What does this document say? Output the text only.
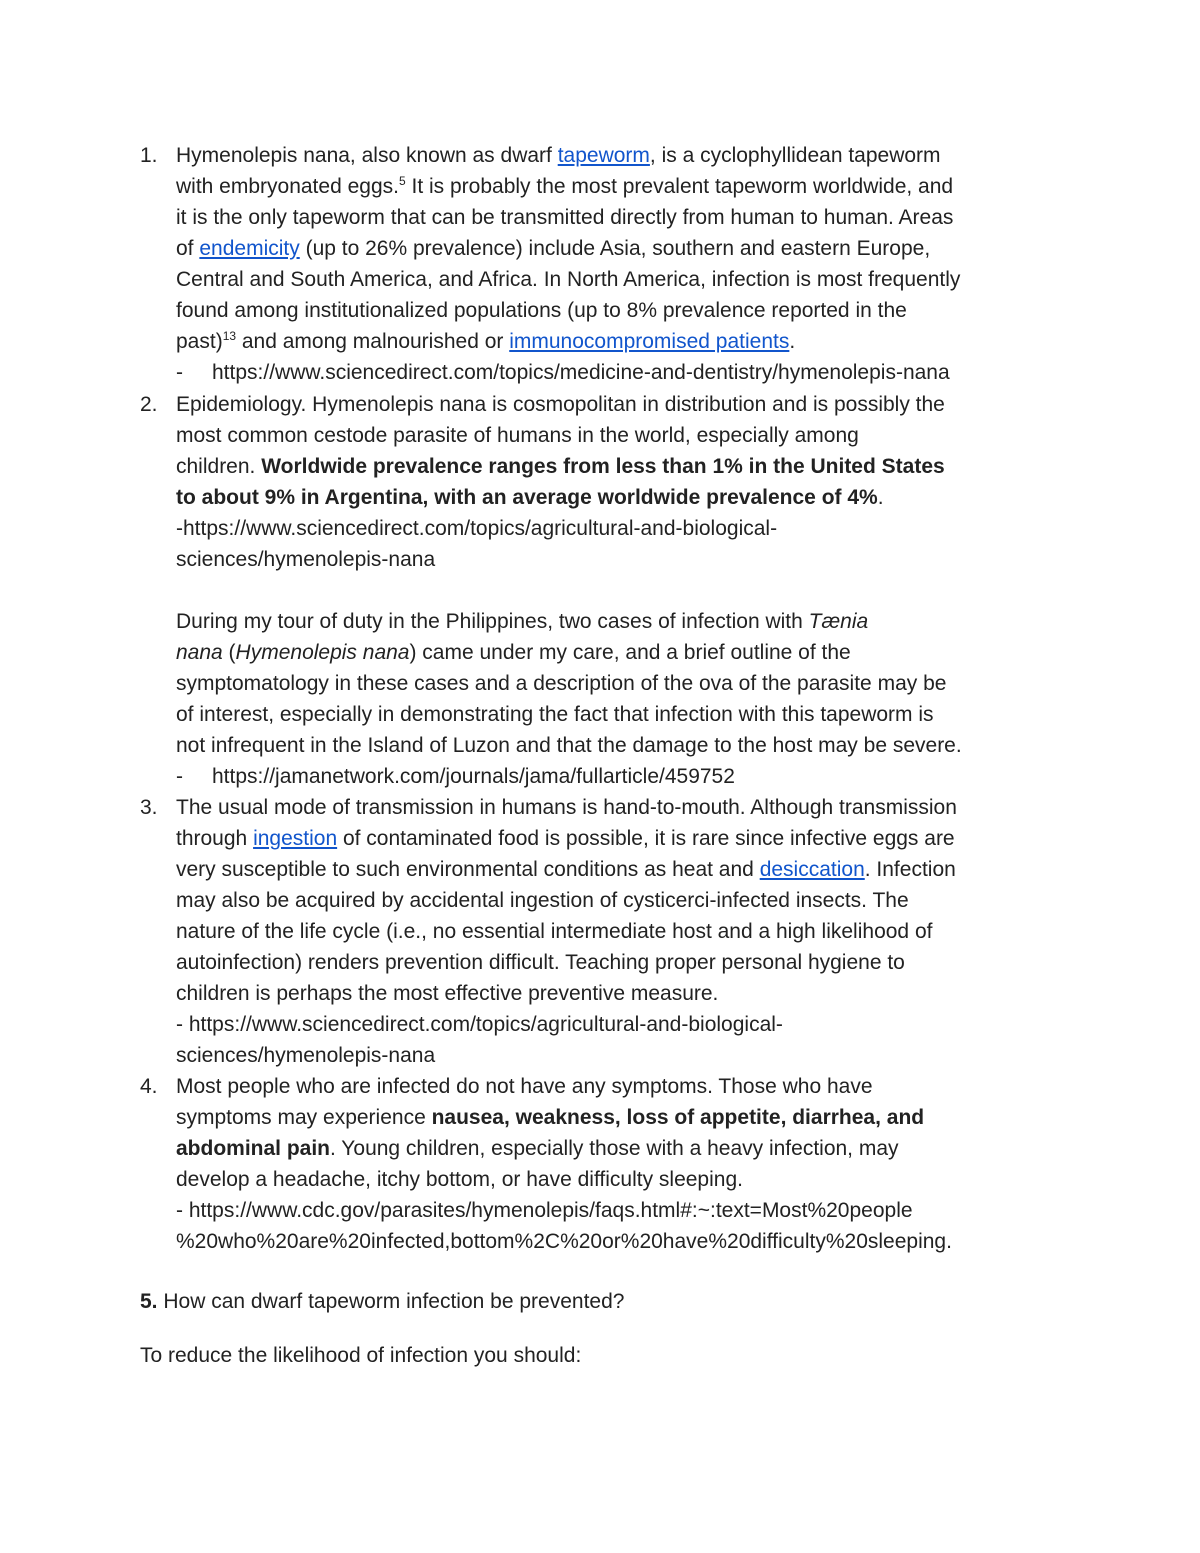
1. Hymenolepis nana, also known as dwarf tapeworm, is a cyclophyllidean tapeworm
with embryonated eggs.$^5$ It is probably the most prevalent tapeworm worldwide, and
it is the only tapeworm that can be transmitted directly from human to human. Areas
of endemicity (up to 26% prevalence) include Asia, southern and eastern Europe,
Central and South America, and Africa. In North America, infection is most frequently
found among institutionalized populations (up to 8% prevalence reported in the
past)$^{13}$ and among malnourished or immunocompromised patients.
- https://www.sciencedirect.com/topics/medicine-and-dentistry/hymenolepis-nana
2. Epidemiology. Hymenolepis nana is cosmopolitan in distribution and is possibly the
most common cestode parasite of humans in the world, especially among
children. Worldwide prevalence ranges from less than 1% in the United States
to about 9% in Argentina, with an average worldwide prevalence of 4%.
-https://www.sciencedirect.com/topics/agricultural-and-biological-
sciences/hymenolepis-nana
During my tour of duty in the Philippines, two cases of infection with Tænia
nana (Hymenolepis nana) came under my care, and a brief outline of the
symptomatology in these cases and a description of the ova of the parasite may be
of interest, especially in demonstrating the fact that infection with this tapeworm is
not infrequent in the Island of Luzon and that the damage to the host may be severe.
- https://jamanetwork.com/journals/jama/fullarticle/459752
3. The usual mode of transmission in humans is hand-to-mouth. Although transmission
through ingestion of contaminated food is possible, it is rare since infective eggs are
very susceptible to such environmental conditions as heat and desiccation. Infection
may also be acquired by accidental ingestion of cysticerci-infected insects. The
nature of the life cycle (i.e., no essential intermediate host and a high likelihood of
autoinfection) renders prevention difficult. Teaching proper personal hygiene to
children is perhaps the most effective preventive measure.
- https://www.sciencedirect.com/topics/agricultural-and-biological-
sciences/hymenolepis-nana
4. Most people who are infected do not have any symptoms. Those who have
symptoms may experience nausea, weakness, loss of appetite, diarrhea, and
abdominal pain. Young children, especially those with a heavy infection, may
develop a headache, itchy bottom, or have difficulty sleeping.
- https://www.cdc.gov/parasites/hymenolepis/faqs.html#:~:text=Most%20people
%20who%20are%20infected,bottom%2C%20or%20have%20difficulty%20sleeping.
5. How can dwarf tapeworm infection be prevented?
To reduce the likelihood of infection you should:
